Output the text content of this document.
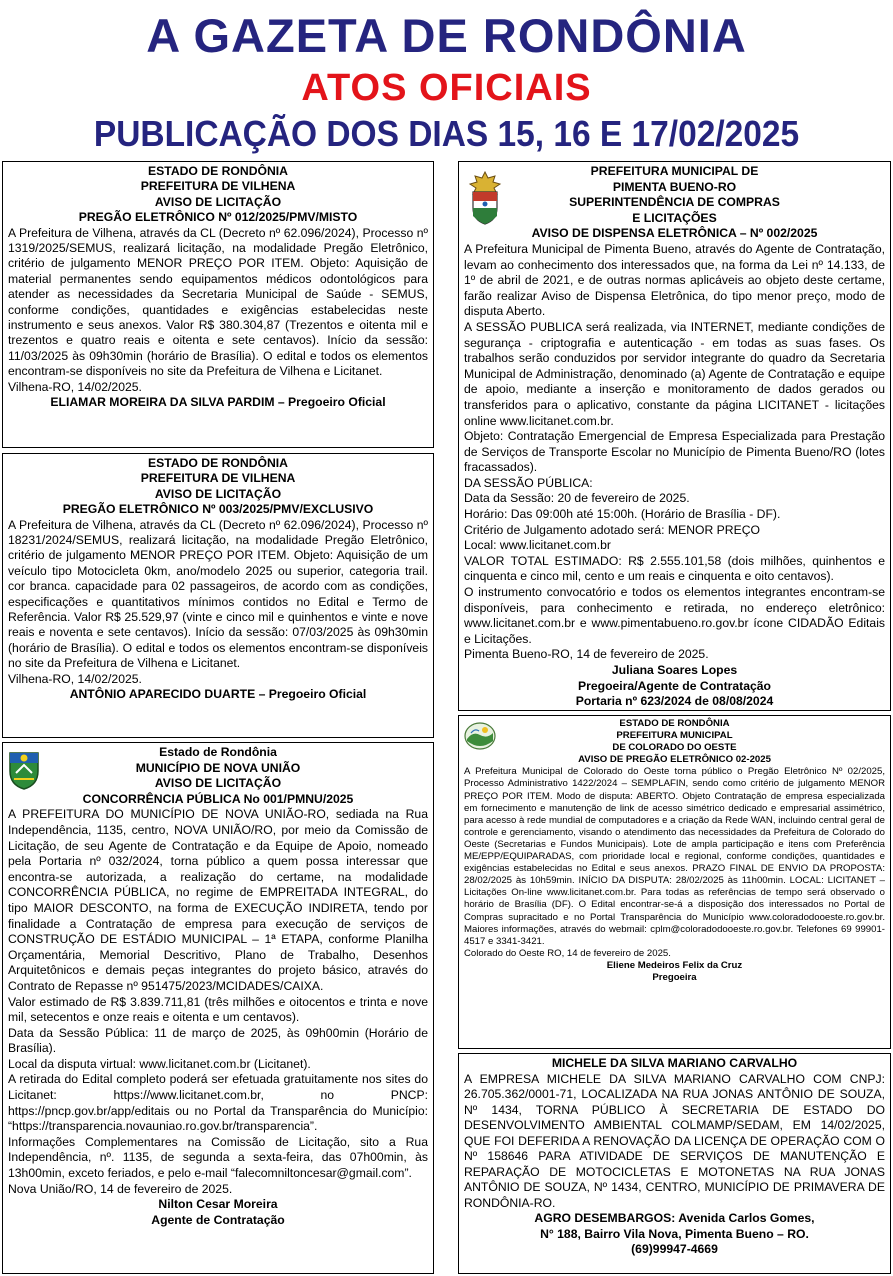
A GAZETA DE RONDÔNIA
ATOS OFICIAIS
PUBLICAÇÃO DOS DIAS 15, 16 E 17/02/2025
ESTADO DE RONDÔNIA
PREFEITURA DE VILHENA
AVISO DE LICITAÇÃO
PREGÃO ELETRÔNICO Nº 012/2025/PMV/MISTO
A Prefeitura de Vilhena, através da CL (Decreto nº 62.096/2024), Processo nº 1319/2025/SEMUS, realizará licitação, na modalidade Pregão Eletrônico, critério de julgamento MENOR PREÇO POR ITEM. Objeto: Aquisição de material permanentes sendo equipamentos médicos odontológicos para atender as necessidades da Secretaria Municipal de Saúde - SEMUS, conforme condições, quantidades e exigências estabelecidas neste instrumento e seus anexos. Valor R$ 380.304,87 (Trezentos e oitenta mil e trezentos e quatro reais e oitenta e sete centavos). Início da sessão: 11/03/2025 às 09h30min (horário de Brasília). O edital e todos os elementos encontram-se disponíveis no site da Prefeitura de Vilhena e Licitanet.
Vilhena-RO, 14/02/2025.
ELIAMAR MOREIRA DA SILVA PARDIM – Pregoeiro Oficial
ESTADO DE RONDÔNIA
PREFEITURA DE VILHENA
AVISO DE LICITAÇÃO
PREGÃO ELETRÔNICO Nº 003/2025/PMV/EXCLUSIVO
A Prefeitura de Vilhena, através da CL (Decreto nº 62.096/2024), Processo nº 18231/2024/SEMUS, realizará licitação, na modalidade Pregão Eletrônico, critério de julgamento MENOR PREÇO POR ITEM. Objeto: Aquisição de um veículo tipo Motocicleta 0km, ano/modelo 2025 ou superior, categoria trail. cor branca. capacidade para 02 passageiros, de acordo com as condições, especificações e quantitativos mínimos contidos no Edital e Termo de Referência. Valor R$ 25.529,97 (vinte e cinco mil e quinhentos e vinte e nove reais e noventa e sete centavos). Início da sessão: 07/03/2025 às 09h30min (horário de Brasília). O edital e todos os elementos encontram-se disponíveis no site da Prefeitura de Vilhena e Licitanet.
Vilhena-RO, 14/02/2025.
ANTÔNIO APARECIDO DUARTE – Pregoeiro Oficial
Estado de Rondônia
MUNICÍPIO DE NOVA UNIÃO
AVISO DE LICITAÇÃO
CONCORRÊNCIA PÚBLICA No 001/PMNU/2025
A PREFEITURA DO MUNICÍPIO DE NOVA UNIÃO-RO, sediada na Rua Independência, 1135, centro, NOVA UNIÃO/RO, por meio da Comissão de Licitação, de seu Agente de Contratação e da Equipe de Apoio, nomeado pela Portaria nº 032/2024, torna público a quem possa interessar que encontra-se autorizada, a realização do certame, na modalidade CONCORRÊNCIA PÚBLICA, no regime de EMPREITADA INTEGRAL, do tipo MAIOR DESCONTO, na forma de EXECUÇÃO INDIRETA, tendo por finalidade a Contratação de empresa para execução de serviços de CONSTRUÇÃO DE ESTÁDIO MUNICIPAL – 1ª ETAPA, conforme Planilha Orçamentária, Memorial Descritivo, Plano de Trabalho, Desenhos Arquitetônicos e demais peças integrantes do projeto básico, através do Contrato de Repasse nº 951475/2023/MCIDADES/CAIXA.
Valor estimado de R$ 3.839.711,81 (três milhões e oitocentos e trinta e nove mil, setecentos e onze reais e oitenta e um centavos).
Data da Sessão Pública: 11 de março de 2025, às 09h00min (Horário de Brasília).
Local da disputa virtual: www.licitanet.com.br (Licitanet).
A retirada do Edital completo poderá ser efetuada gratuitamente nos sites do Licitanet: https://www.licitanet.com.br, no PNCP: https://pncp.gov.br/app/editais ou no Portal da Transparência do Município: “https://transparencia.novauniao.ro.gov.br/transparencia”.
Informações Complementares na Comissão de Licitação, sito a Rua Independência, nº. 1135, de segunda a sexta-feira, das 07h00min, às 13h00min, exceto feriados, e pelo e-mail “falecomniltoncesar@gmail.com”.
Nova União/RO, 14 de fevereiro de 2025.
Nilton Cesar Moreira
Agente de Contratação
PREFEITURA MUNICIPAL DE
PIMENTA BUENO-RO
SUPERINTENDÊNCIA DE COMPRAS
E LICITAÇÕES
AVISO DE DISPENSA ELETRÔNICA – Nº 002/2025
A Prefeitura Municipal de Pimenta Bueno, através do Agente de Contratação, levam ao conhecimento dos interessados que, na forma da Lei nº 14.133, de 1º de abril de 2021, e de outras normas aplicáveis ao objeto deste certame, farão realizar Aviso de Dispensa Eletrônica, do tipo menor preço, modo de disputa Aberto.
A SESSÃO PUBLICA será realizada, via INTERNET, mediante condições de segurança - criptografia e autenticação - em todas as suas fases. Os trabalhos serão conduzidos por servidor integrante do quadro da Secretaria Municipal de Administração, denominado (a) Agente de Contratação e equipe de apoio, mediante a inserção e monitoramento de dados gerados ou transferidos para o aplicativo, constante da página LICITANET - licitações online www.licitanet.com.br.
Objeto: Contratação Emergencial de Empresa Especializada para Prestação de Serviços de Transporte Escolar no Município de Pimenta Bueno/RO (lotes fracassados).
DA SESSÃO PÚBLICA:
Data da Sessão: 20 de fevereiro de 2025.
Horário: Das 09:00h até 15:00h. (Horário de Brasília - DF).
Critério de Julgamento adotado será: MENOR PREÇO
Local: www.licitanet.com.br
VALOR TOTAL ESTIMADO: R$ 2.555.101,58 (dois milhões, quinhentos e cinquenta e cinco mil, cento e um reais e cinquenta e oito centavos).
O instrumento convocatório e todos os elementos integrantes encontram-se disponíveis, para conhecimento e retirada, no endereço eletrônico: www.licitanet.com.br e www.pimentabueno.ro.gov.br ícone CIDADÃO Editais e Licitações.
Pimenta Bueno-RO, 14 de fevereiro de 2025.
Juliana Soares Lopes
Pregoeira/Agente de Contratação
Portaria nº 623/2024 de 08/08/2024
ESTADO DE RONDÔNIA
PREFEITURA MUNICIPAL
DE COLORADO DO OESTE
AVISO DE PREGÃO ELETRÔNICO 02-2025
A Prefeitura Municipal de Colorado do Oeste torna público o Pregão Eletrônico Nº 02/2025, Processo Administrativo 1422/2024 – SEMPLAFIN, sendo como critério de julgamento MENOR PREÇO POR ITEM. Modo de disputa: ABERTO. Objeto Contratação de empresa especializada em fornecimento e manutenção de link de acesso simétrico dedicado e empresarial assimétrico, para acesso à rede mundial de computadores e a criação da Rede WAN, incluindo central geral de controle e gerenciamento, visando o atendimento das necessidades da Prefeitura de Colorado do Oeste (Secretarias e Fundos Municipais). Lote de ampla participação e itens com Preferência ME/EPP/EQUIPARADAS, com prioridade local e regional, conforme condições, quantidades e exigências estabelecidas no Edital e seus anexos. PRAZO FINAL DE ENVIO DA PROPOSTA: 28/02/2025 às 10h59min. INÍCIO DA DISPUTA: 28/02/2025 às 11h00min. LOCAL: LICITANET – Licitações On-line www.licitanet.com.br. Para todas as referências de tempo será observado o horário de Brasília (DF). O Edital encontrar-se-á a disposição dos interessados no Portal de Compras supracitado e no Portal Transparência do Município www.coloradodooeste.ro.gov.br. Maiores informações, através do webmail: cplm@coloradodooeste.ro.gov.br. Telefones 69 99901-4517 e 3341-3421.
Colorado do Oeste RO, 14 de fevereiro de 2025.
Eliene Medeiros Felix da Cruz
Pregoeira
MICHELE DA SILVA MARIANO CARVALHO
A EMPRESA MICHELE DA SILVA MARIANO CARVALHO COM CNPJ: 26.705.362/0001-71, LOCALIZADA NA RUA JONAS ANTÔNIO DE SOUZA, Nº 1434, TORNA PÚBLICO À SECRETARIA DE ESTADO DO DESENVOLVIMENTO AMBIENTAL COLMAMP/SEDAM, EM 14/02/2025, QUE FOI DEFERIDA A RENOVAÇÃO DA LICENÇA DE OPERAÇÃO COM O Nº 158646 PARA ATIVIDADE DE SERVIÇOS DE MANUTENÇÃO E REPARAÇÃO DE MOTOCICLETAS E MOTONETAS NA RUA JONAS ANTÔNIO DE SOUZA, Nº 1434, CENTRO, MUNICÍPIO DE PRIMAVERA DE RONDÔNIA-RO.
AGRO DESEMBARGOS: Avenida Carlos Gomes,
N° 188, Bairro Vila Nova, Pimenta Bueno – RO.
(69)99947-4669
